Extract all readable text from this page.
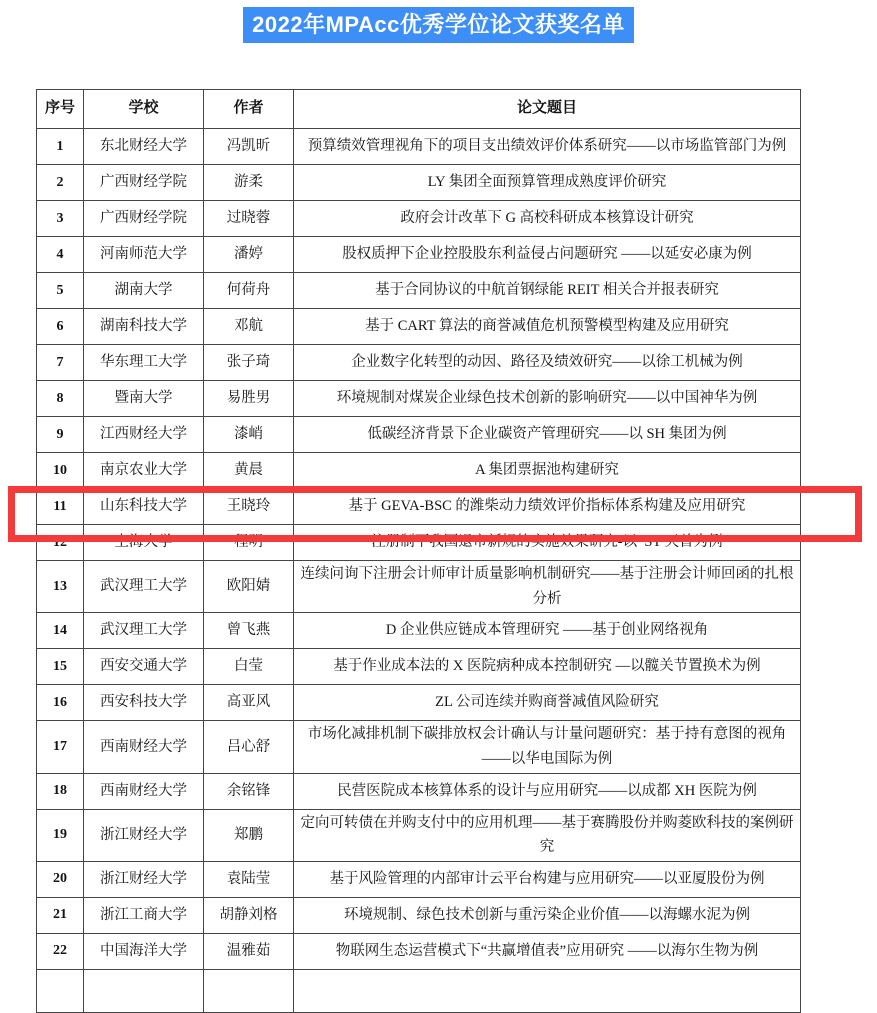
2022年MPAcc优秀学位论文获奖名单
序号	学校	作者	论文题目
1	东北财经大学	冯凯昕	预算绩效管理视角下的项目支出绩效评价体系研究——以市场监管部门为例
2	广西财经学院	游柔	LY 集团全面预算管理成熟度评价研究
3	广西财经学院	过晓蓉	政府会计改革下 G 高校科研成本核算设计研究
4	河南师范大学	潘婷	股权质押下企业控股股东利益侵占问题研究 ——以延安必康为例
5	湖南大学	何荷舟	基于合同协议的中航首钢绿能 REIT 相关合并报表研究
6	湖南科技大学	邓航	基于 CART 算法的商誉减值危机预警模型构建及应用研究
7	华东理工大学	张子琦	企业数字化转型的动因、路径及绩效研究——以徐工机械为例
8	暨南大学	易胜男	环境规制对煤炭企业绿色技术创新的影响研究——以中国神华为例
9	江西财经大学	漆峭	低碳经济背景下企业碳资产管理研究——以 SH 集团为例
10	南京农业大学	黄晨	A 集团票据池构建研究
11	山东科技大学	王晓玲	基于 GEVA-BSC 的潍柴动力绩效评价指标体系构建及应用研究
12	上海大学	程明	注册制下我国退市新规的实施效果研究-以*ST 天首为例
13	武汉理工大学	欧阳婧	连续问询下注册会计师审计质量影响机制研究——基于注册会计师回函的扎根分析
14	武汉理工大学	曾飞燕	D 企业供应链成本管理研究 ——基于创业网络视角
15	西安交通大学	白莹	基于作业成本法的 X 医院病种成本控制研究 —以髋关节置换术为例
16	西安科技大学	高亚风	ZL 公司连续并购商誉减值风险研究
17	西南财经大学	吕心舒	市场化减排机制下碳排放权会计确认与计量问题研究：基于持有意图的视角——以华电国际为例
18	西南财经大学	余铭锋	民营医院成本核算体系的设计与应用研究——以成都 XH 医院为例
19	浙江财经大学	郑鹏	定向可转债在并购支付中的应用机理——基于赛腾股份并购菱欧科技的案例研究
20	浙江财经大学	袁陆莹	基于风险管理的内部审计云平台构建与应用研究——以亚厦股份为例
21	浙江工商大学	胡静刘格	环境规制、绿色技术创新与重污染企业价值——以海螺水泥为例
22	中国海洋大学	温雅茹	物联网生态运营模式下“共赢增值表”应用研究 ——以海尔生物为例
